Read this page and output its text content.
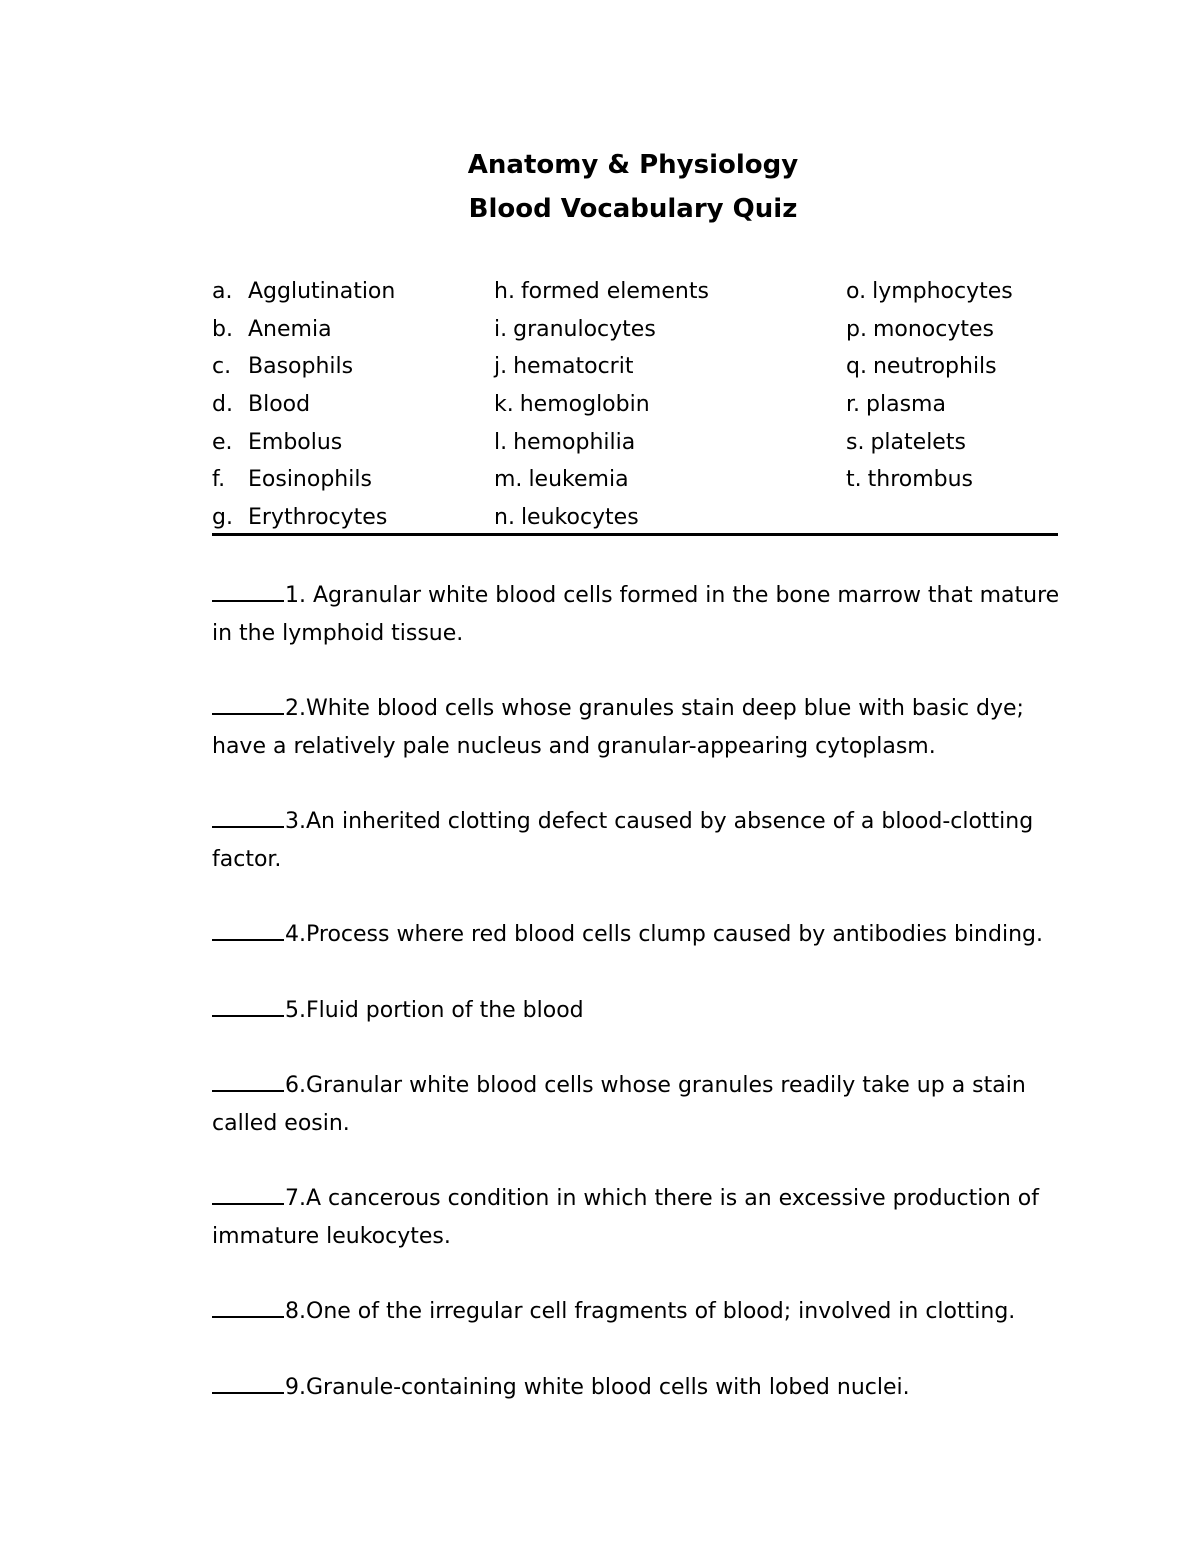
Anatomy & Physiology
Blood Vocabulary Quiz
a. Agglutination
b. Anemia
c. Basophils
d. Blood
e. Embolus
f. Eosinophils
g. Erythrocytes
h. formed elements
i. granulocytes
j. hematocrit
k. hemoglobin
l. hemophilia
m. leukemia
n. leukocytes
o. lymphocytes
p. monocytes
q. neutrophils
r. plasma
s. platelets
t. thrombus

1. Agranular white blood cells formed in the bone marrow that mature in the lymphoid tissue.

2.White blood cells whose granules stain deep blue with basic dye; have a relatively pale nucleus and granular-appearing cytoplasm.

3.An inherited clotting defect caused by absence of a blood-clotting factor.

4.Process where red blood cells clump caused by antibodies binding.

5.Fluid portion of the blood

6.Granular white blood cells whose granules readily take up a stain called eosin.

7.A cancerous condition in which there is an excessive production of immature leukocytes.

8.One of the irregular cell fragments of blood; involved in clotting.

9.Granule-containing white blood cells with lobed nuclei.
